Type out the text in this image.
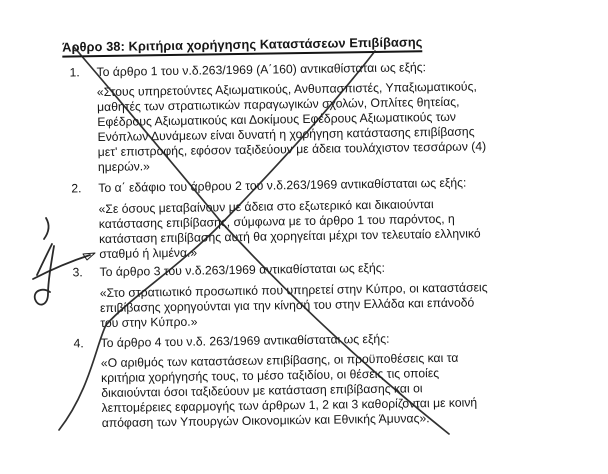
Άρθρο 38: Κριτήρια χορήγησης Καταστάσεων Επιβίβασης
1. Το άρθρο 1 του ν.δ.263/1969 (Α΄160) αντικαθίσταται ως εξής:
«Στους υπηρετούντες Αξιωματικούς, Ανθυπασπιστές, Υπαξιωματικούς,
μαθητές των στρατιωτικών παραγωγικών σχολών, Οπλίτες θητείας,
Εφέδρους Αξιωματικούς και Δοκίμους Εφέδρους Αξιωματικούς των
Ενόπλων Δυνάμεων είναι δυνατή η χορήγηση κατάστασης επιβίβασης
μετ' επιστροφής, εφόσον ταξιδεύουν με άδεια τουλάχιστον τεσσάρων (4)
ημερών.»
2. Το α΄ εδάφιο του άρθρου 2 του ν.δ.263/1969 αντικαθίσταται ως εξής:
«Σε όσους μεταβαίνουν με άδεια στο εξωτερικό και δικαιούνται
κατάστασης επιβίβασης, σύμφωνα με το άρθρο 1 του παρόντος, η
κατάσταση επιβίβασης αυτή θα χορηγείται μέχρι τον τελευταίο ελληνικό
σταθμό ή λιμένα.»
3. Το άρθρο 3 του ν.δ.263/1969 αντικαθίσταται ως εξής:
«Στο στρατιωτικό προσωπικό που υπηρετεί στην Κύπρο, οι καταστάσεις
επιβίβασης χορηγούνται για την κίνησή του στην Ελλάδα και επάνοδό
του στην Κύπρο.»
4. Το άρθρο 4 του ν.δ. 263/1969 αντικαθίσταται ως εξής:
«Ο αριθμός των καταστάσεων επιβίβασης, οι προϋποθέσεις και τα
κριτήρια χορήγησής τους, το μέσο ταξιδίου, οι θέσεις τις οποίες
δικαιούνται όσοι ταξιδεύουν με κατάσταση επιβίβασης και οι
λεπτομέρειες εφαρμογής των άρθρων 1, 2 και 3 καθορίζονται με κοινή
απόφαση των Υπουργών Οικονομικών και Εθνικής Άμυνας».
